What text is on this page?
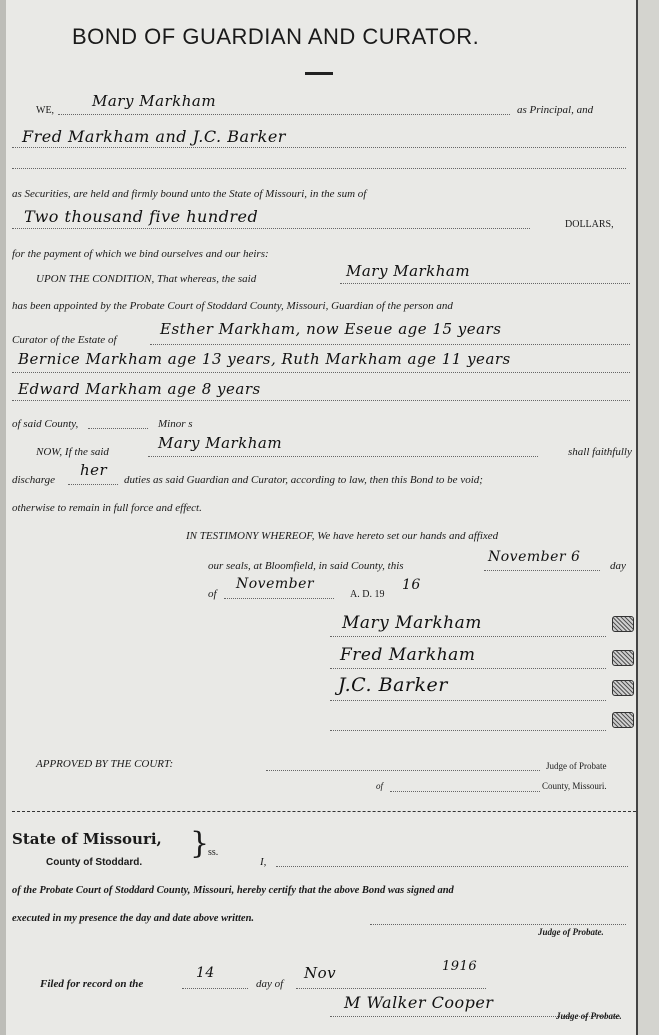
BOND OF GUARDIAN AND CURATOR.
WE,
Mary Markham	as Principal, and
Fred Markham and J.C. Barker
as Securities, are held and firmly bound unto the State of Missouri, in the sum of
Two thousand five hundred	DOLLARS,
for the payment of which we bind ourselves and our heirs:
UPON THE CONDITION, That whereas, the said	Mary Markham
has been appointed by the Probate Court of Stoddard County, Missouri, Guardian of the person and
Curator of the Estate of
Esther Markham, now Eseue age 15 years
Bernice Markham age 13 years, Ruth Markham age 11 years
Edward Markham age 8 years
of said County,	Minor s
NOW, If the said	Mary Markham	shall faithfully
discharge
her
duties as said Guardian and Curator, according to law, then this Bond to be void;
otherwise to remain in full force and effect.
IN TESTIMONY WHEREOF, We have hereto set our hands and affixed
our seals, at Bloomfield, in said County, this
November 6
day
of
November
A. D. 19
16
Mary Markham
Fred Markham
J.C. Barker
APPROVED BY THE COURT:	Judge of Probate
of	County, Missouri.
State of Missouri, }
ss.
County of Stoddard.	I,
of the Probate Court of Stoddard County, Missouri, hereby certify that the above Bond was signed and
executed in my presence the day and date above written.
Judge of Probate.
Filed for record on the
14
day of
Nov	1916
M Walker Cooper
Judge of Probate.
